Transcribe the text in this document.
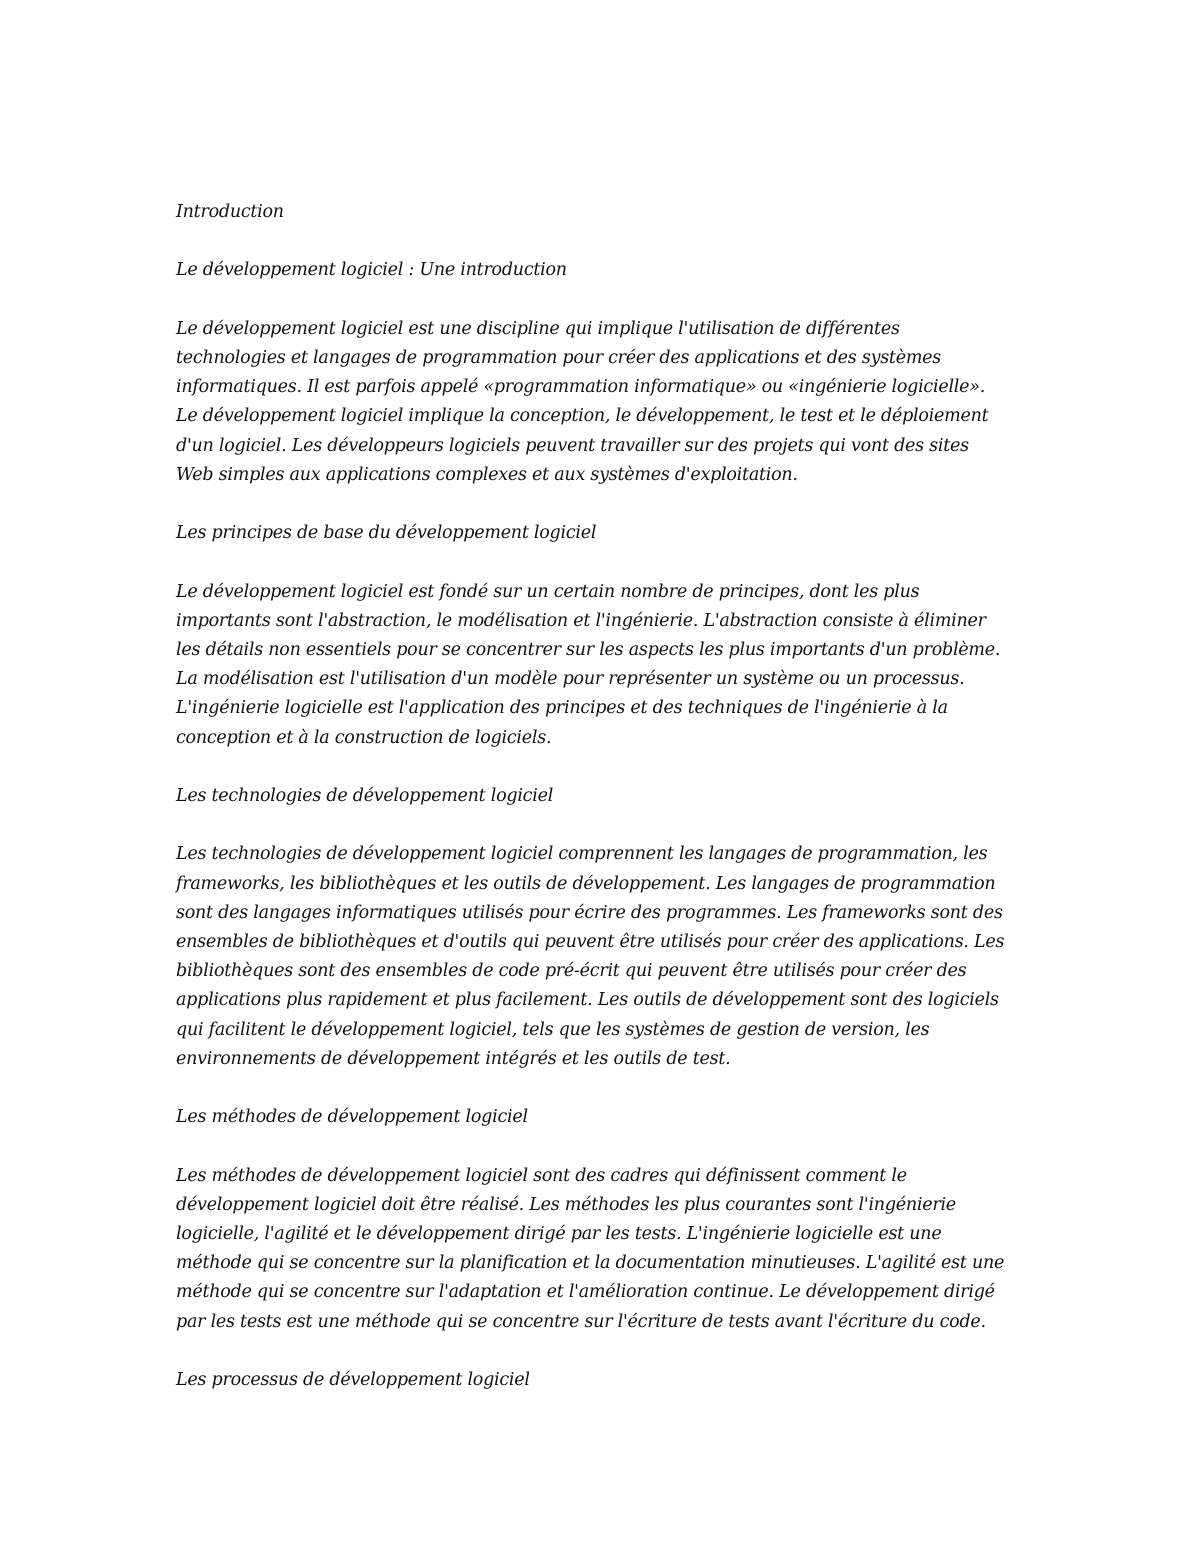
Introduction

Le développement logiciel : Une introduction

Le développement logiciel est une discipline qui implique l'utilisation de différentes
technologies et langages de programmation pour créer des applications et des systèmes
informatiques. Il est parfois appelé «programmation informatique» ou «ingénierie logicielle».
Le développement logiciel implique la conception, le développement, le test et le déploiement
d'un logiciel. Les développeurs logiciels peuvent travailler sur des projets qui vont des sites
Web simples aux applications complexes et aux systèmes d'exploitation.

Les principes de base du développement logiciel

Le développement logiciel est fondé sur un certain nombre de principes, dont les plus
importants sont l'abstraction, le modélisation et l'ingénierie. L'abstraction consiste à éliminer
les détails non essentiels pour se concentrer sur les aspects les plus importants d'un problème.
La modélisation est l'utilisation d'un modèle pour représenter un système ou un processus.
L'ingénierie logicielle est l'application des principes et des techniques de l'ingénierie à la
conception et à la construction de logiciels.

Les technologies de développement logiciel

Les technologies de développement logiciel comprennent les langages de programmation, les
frameworks, les bibliothèques et les outils de développement. Les langages de programmation
sont des langages informatiques utilisés pour écrire des programmes. Les frameworks sont des
ensembles de bibliothèques et d'outils qui peuvent être utilisés pour créer des applications. Les
bibliothèques sont des ensembles de code pré-écrit qui peuvent être utilisés pour créer des
applications plus rapidement et plus facilement. Les outils de développement sont des logiciels
qui facilitent le développement logiciel, tels que les systèmes de gestion de version, les
environnements de développement intégrés et les outils de test.

Les méthodes de développement logiciel

Les méthodes de développement logiciel sont des cadres qui définissent comment le
développement logiciel doit être réalisé. Les méthodes les plus courantes sont l'ingénierie
logicielle, l'agilité et le développement dirigé par les tests. L'ingénierie logicielle est une
méthode qui se concentre sur la planification et la documentation minutieuses. L'agilité est une
méthode qui se concentre sur l'adaptation et l'amélioration continue. Le développement dirigé
par les tests est une méthode qui se concentre sur l'écriture de tests avant l'écriture du code.

Les processus de développement logiciel
